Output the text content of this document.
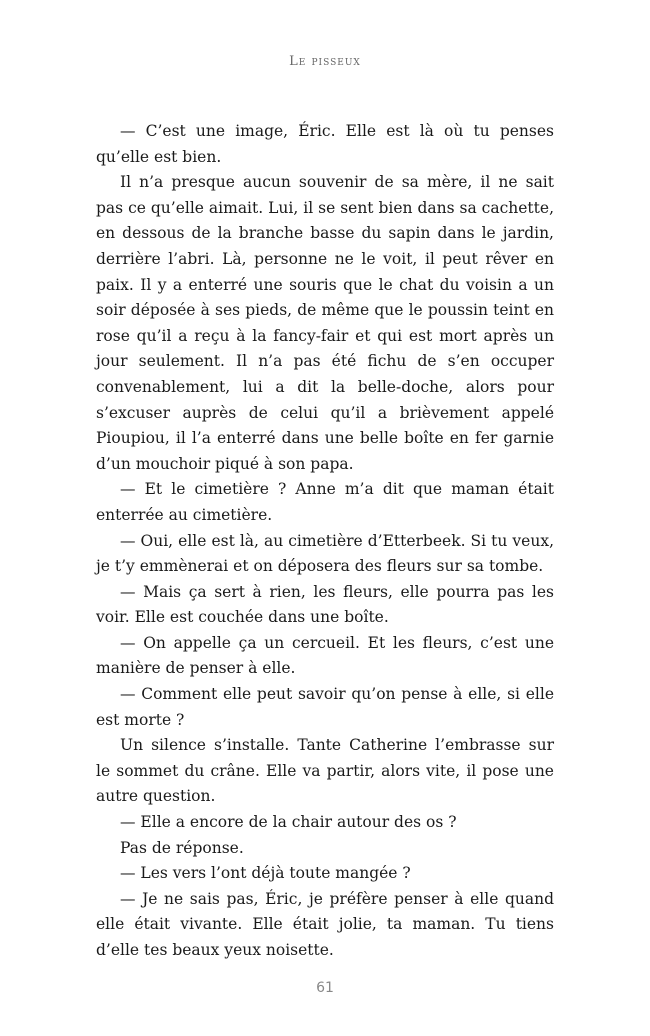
Le pisseux

— C’est une image, Éric. Elle est là où tu penses qu’elle est bien.

Il n’a presque aucun souvenir de sa mère, il ne sait pas ce qu’elle aimait. Lui, il se sent bien dans sa cachette, en dessous de la branche basse du sapin dans le jardin, derrière l’abri. Là, personne ne le voit, il peut rêver en paix. Il y a enterré une souris que le chat du voisin a un soir déposée à ses pieds, de même que le poussin teint en rose qu’il a reçu à la fancy-fair et qui est mort après un jour seulement. Il n’a pas été fichu de s’en occuper convenablement, lui a dit la belle-doche, alors pour s’excuser auprès de celui qu’il a brièvement appelé Pioupiou, il l’a enterré dans une belle boîte en fer garnie d’un mouchoir piqué à son papa.

— Et le cimetière ? Anne m’a dit que maman était enterrée au cimetière.

— Oui, elle est là, au cimetière d’Etterbeek. Si tu veux, je t’y emmènerai et on déposera des fleurs sur sa tombe.

— Mais ça sert à rien, les fleurs, elle pourra pas les voir. Elle est couchée dans une boîte.

— On appelle ça un cercueil. Et les fleurs, c’est une manière de penser à elle.

— Comment elle peut savoir qu’on pense à elle, si elle est morte ?

Un silence s’installe. Tante Catherine l’embrasse sur le sommet du crâne. Elle va partir, alors vite, il pose une autre question.

— Elle a encore de la chair autour des os ?

Pas de réponse.

— Les vers l’ont déjà toute mangée ?

— Je ne sais pas, Éric, je préfère penser à elle quand elle était vivante. Elle était jolie, ta maman. Tu tiens d’elle tes beaux yeux noisette.

61
